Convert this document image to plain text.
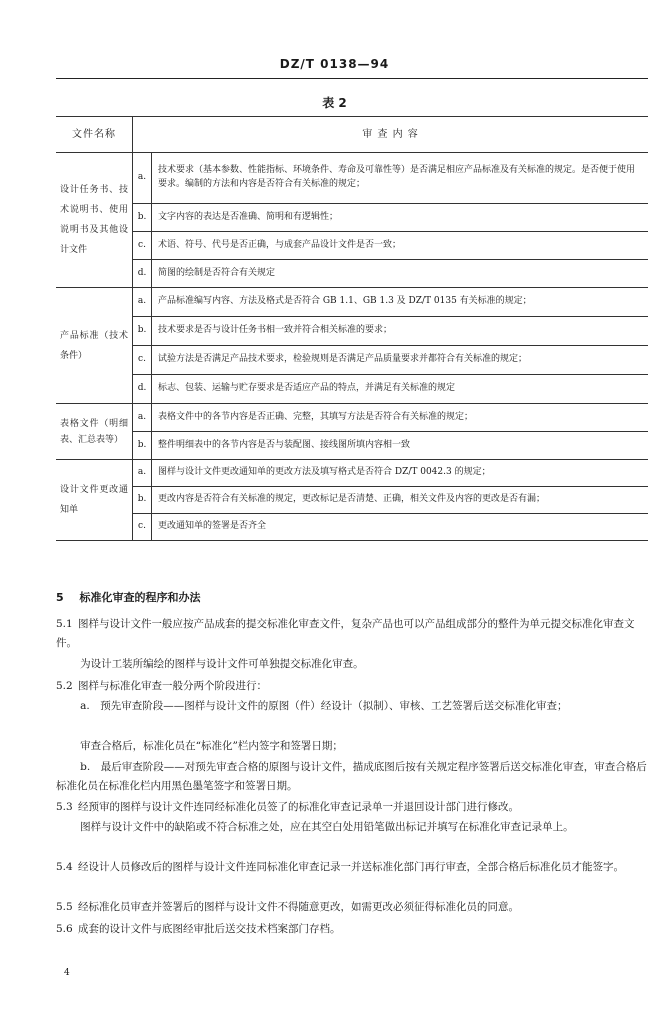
DZ/T 0138—94
表 2
文件名称	审 查 内 容	
设计任务书、技术说明书、使用说明书及其他设计文件	a.	技术要求（基本参数、性能指标、环境条件、寿命及可靠性等）是否满足相应产品标准及有关标准的规定。是否便于使用要求。编制的方法和内容是否符合有关标准的规定；
	b.	文字内容的表达是否准确、简明和有逻辑性；
	c.	术语、符号、代号是否正确，与成套产品设计文件是否一致；
	d.	简图的绘制是否符合有关规定
产品标准（技术条件）	a.	产品标准编写内容、方法及格式是否符合 GB 1.1、GB 1.3 及 DZ/T 0135 有关标准的规定；
	b.	技术要求是否与设计任务书相一致并符合相关标准的要求；
	c.	试验方法是否满足产品技术要求，检验规则是否满足产品质量要求并都符合有关标准的规定；
	d.	标志、包装、运输与贮存要求是否适应产品的特点，并满足有关标准的规定
表格文件（明细表、汇总表等）	a.	表格文件中的各节内容是否正确、完整，其填写方法是否符合有关标准的规定；
	b.	整件明细表中的各节内容是否与装配图、接线图所填内容相一致
设计文件更改通知单	a.	图样与设计文件更改通知单的更改方法及填写格式是否符合 DZ/T 0042.3 的规定；
	b.	更改内容是否符合有关标准的规定，更改标记是否清楚、正确，相关文件及内容的更改是否有漏；
	c.	更改通知单的签署是否齐全
5 标准化审查的程序和办法
5.1 图样与设计文件一般应按产品成套的提交标准化审查文件，复杂产品也可以产品组成部分的整件为单元提交标准化审查文件。
为设计工装所编绘的图样与设计文件可单独提交标准化审查。
5.2 图样与标准化审查一般分两个阶段进行：
a.　预先审查阶段——图样与设计文件的原图（件）经设计（拟制）、审核、工艺签署后送交标准化审查；
审查合格后，标准化员在“标准化”栏内签字和签署日期；
b.　最后审查阶段——对预先审查合格的原图与设计文件，描成底图后按有关规定程序签署后送交标准化审查，审查合格后标准化员在标准化栏内用黑色墨笔签字和签署日期。
5.3 经预审的图样与设计文件连同经标准化员签了的标准化审查记录单一并退回设计部门进行修改。
图样与设计文件中的缺陷或不符合标准之处，应在其空白处用铅笔做出标记并填写在标准化审查记录单上。
5.4 经设计人员修改后的图样与设计文件连同标准化审查记录一并送标准化部门再行审查，全部合格后标准化员才能签字。
5.5 经标准化员审查并签署后的图样与设计文件不得随意更改，如需更改必须征得标准化员的同意。
5.6 成套的设计文件与底图经审批后送交技术档案部门存档。
4
